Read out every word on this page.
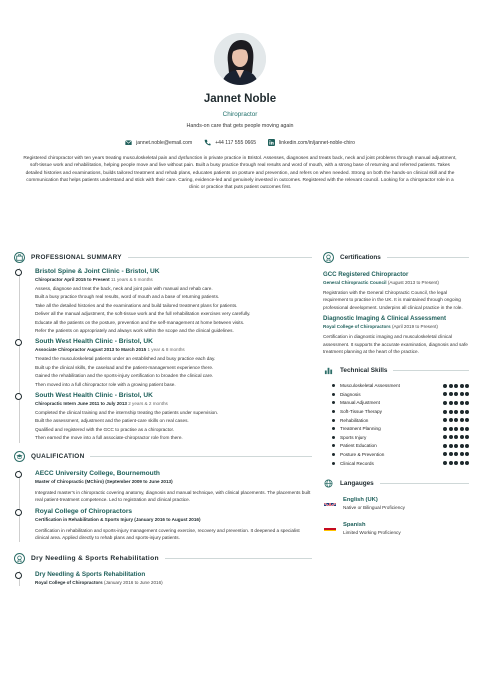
Jannet Noble
Chiropractor
Hands-on care that gets people moving again
jannet.noble@email.com	+44 117 555 0665	linkedin.com/in/jannet-noble-chiro
Registered chiropractor with ten years treating musculoskeletal pain and dysfunction in private practice in Bristol. Assesses, diagnoses and treats back, neck and joint problems through manual adjustment, soft-tissue work and rehabilitation, helping people move and live without pain. Built a busy practice through real results and word of mouth, with a strong base of returning and referred patients. Takes detailed histories and examinations, builds tailored treatment and rehab plans, educates patients on posture and prevention, and refers on when needed. Strong on both the hands-on clinical skill and the communication that helps patients understand and stick with their care. Caring, evidence-led and genuinely invested in outcomes. Registered with the relevant council. Looking for a chiropractor role in a clinic or practice that puts patient outcomes first.
PROFESSIONAL SUMMARY
Bristol Spine & Joint Clinic - Bristol, UK
Chiropractor April 2015 to Present 11 years & 5 months
Assess, diagnose and treat the back, neck and joint pain with manual and rehab care.
Built a busy practice through real results, word of mouth and a base of returning patients.
Take all the detailed histories and the examinations and build tailored treatment plans for patients.
Deliver all the manual adjustment, the soft-tissue work and the full rehabilitation exercises very carefully.
Educate all the patients on the posture, prevention and the self-management at home between visits.
Refer the patients on appropriately and always work within the scope and the clinical guidelines.
South West Health Clinic - Bristol, UK
Associate Chiropractor August 2013 to March 2015 1 year & 8 months
Treated the musculoskeletal patients under an established and busy practice each day.
Built up the clinical skills, the caseload and the patient-management experience there.
Gained the rehabilitation and the sports-injury certification to broaden the clinical care.
Then moved into a full chiropractor role with a growing patient base.
South West Health Clinic - Bristol, UK
Chiropractic Intern June 2011 to July 2013 2 years & 2 months
Completed the clinical training and the internship treating the patients under supervision.
Built the assessment, adjustment and the patient-care skills on real cases.
Qualified and registered with the GCC to practise as a chiropractor.
Then earned the move into a full associate-chiropractor role from there.
QUALIFICATION
AECC University College, Bournemouth
Master of Chiropractic (MChiro) (September 2009 to June 2013)
Integrated master's in chiropractic covering anatomy, diagnosis and manual technique, with clinical placements. The placements built real patient-treatment competence. Led to registration and clinical practice.
Royal College of Chiropractors
Certification in Rehabilitation & Sports Injury (January 2016 to August 2016)
Certification in rehabilitation and sports-injury management covering exercise, recovery and prevention. It deepened a specialist clinical area. Applied directly to rehab plans and sports-injury patients.
Dry Needling & Sports Rehabilitation
Dry Needling & Sports Rehabilitation
Royal College of Chiropractors (January 2016 to June 2016)
Certifications
GCC Registered Chiropractor
General Chiropractic Council (August 2013 to Present)
Registration with the General Chiropractic Council, the legal requirement to practise in the UK. It is maintained through ongoing professional development. Underpins all clinical practice in the role.
Diagnostic Imaging & Clinical Assessment
Royal College of Chiropractors (April 2019 to Present)
Certification in diagnostic imaging and musculoskeletal clinical assessment. It supports the accurate examination, diagnosis and safe treatment planning at the heart of the practice.
Technical Skills
Musculoskeletal Assessment
Diagnosis
Manual Adjustment
Soft-Tissue Therapy
Rehabilitation
Treatment Planning
Sports Injury
Patient Education
Posture & Prevention
Clinical Records
Langauges
English (UK)
Native or Bilingual Proficiency
Spanish
Limited Working Proficiency
